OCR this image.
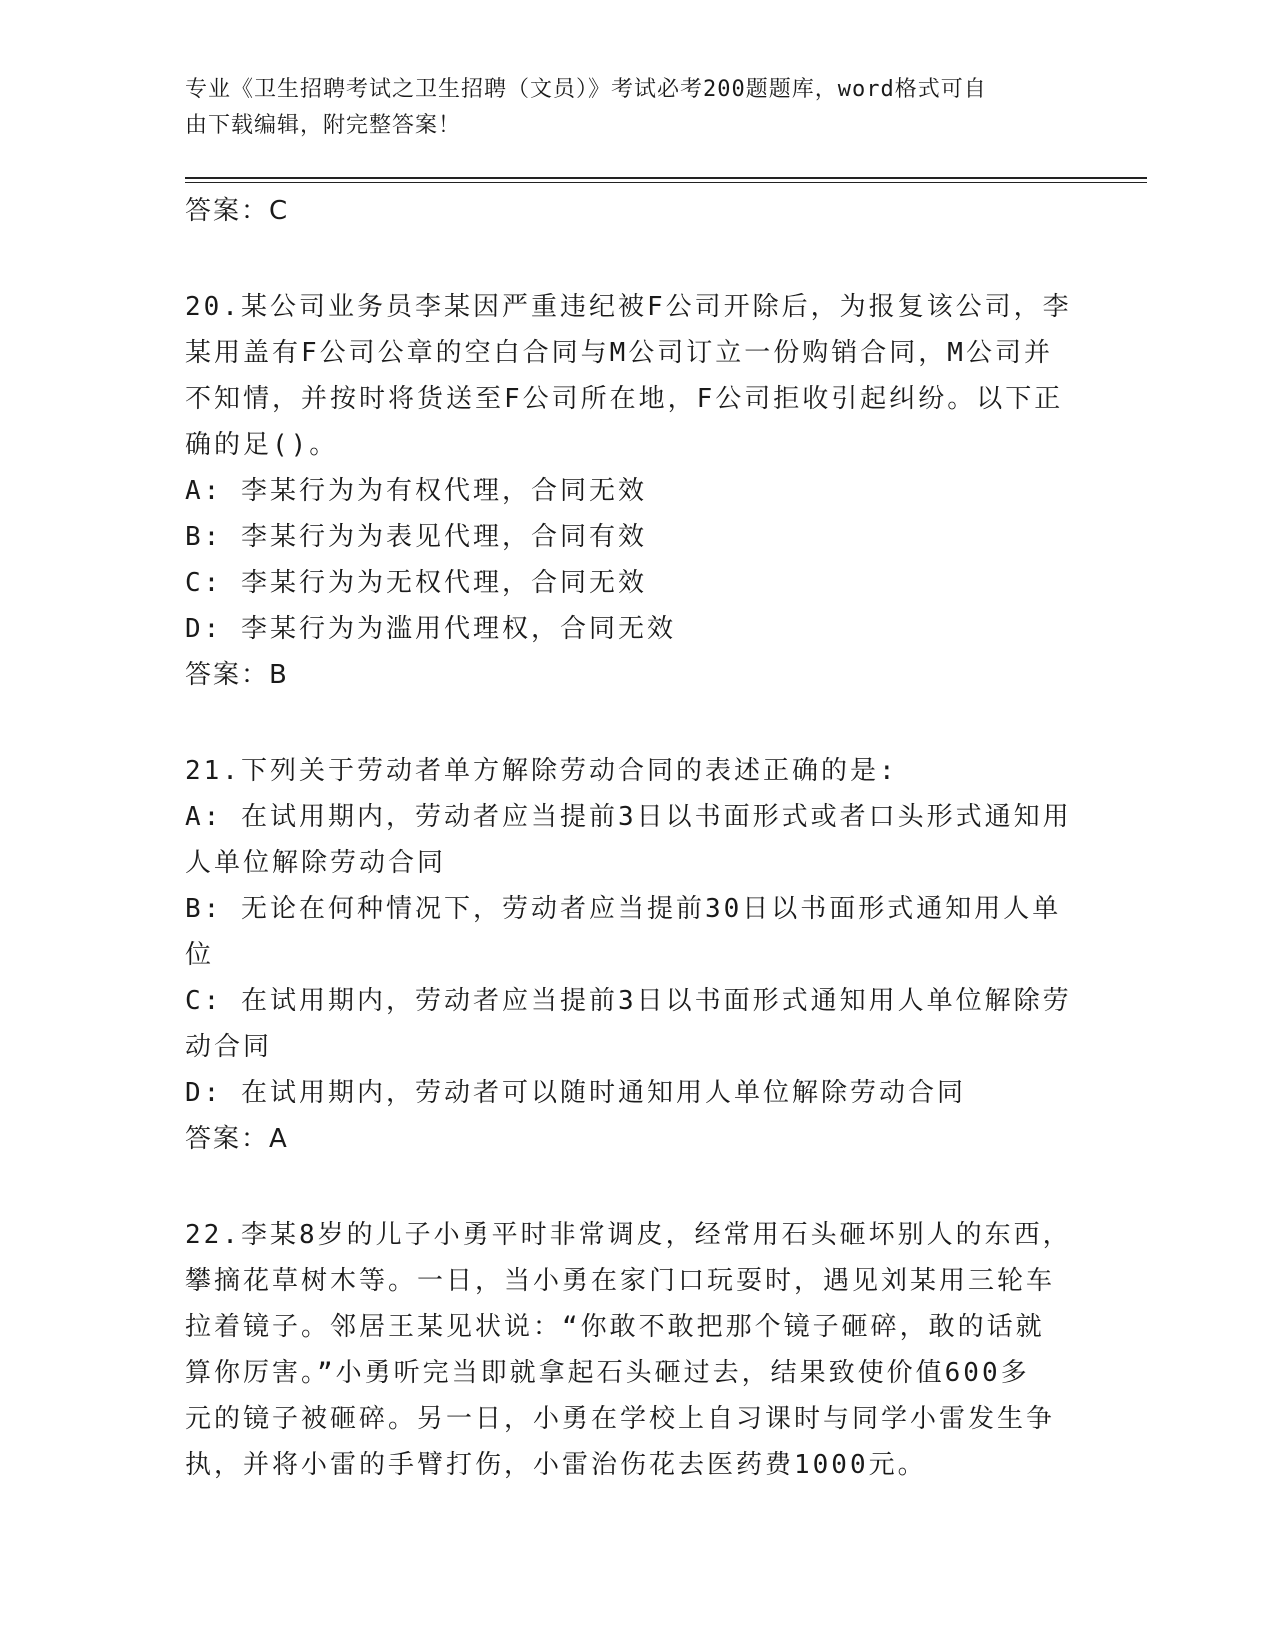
专业《卫生招聘考试之卫生招聘（文员）》考试必考200题题库，word格式可自
由下载编辑，附完整答案！
答案：C
20.某公司业务员李某因严重违纪被F公司开除后，为报复该公司，李
某用盖有F公司公章的空白合同与M公司订立一份购销合同，M公司并
不知情，并按时将货送至F公司所在地，F公司拒收引起纠纷。以下正
确的足()。
A: 李某行为为有权代理，合同无效
B: 李某行为为表见代理，合同有效
C: 李某行为为无权代理，合同无效
D: 李某行为为滥用代理权，合同无效
答案：B
21.下列关于劳动者单方解除劳动合同的表述正确的是:
A: 在试用期内，劳动者应当提前3日以书面形式或者口头形式通知用
人单位解除劳动合同
B: 无论在何种情况下，劳动者应当提前30日以书面形式通知用人单
位
C: 在试用期内，劳动者应当提前3日以书面形式通知用人单位解除劳
动合同
D: 在试用期内，劳动者可以随时通知用人单位解除劳动合同
答案：A
22.李某8岁的儿子小勇平时非常调皮，经常用石头砸坏别人的东西，
攀摘花草树木等。一日，当小勇在家门口玩耍时，遇见刘某用三轮车
拉着镜子。邻居王某见状说：“你敢不敢把那个镜子砸碎，敢的话就
算你厉害。”小勇听完当即就拿起石头砸过去，结果致使价值600多
元的镜子被砸碎。另一日，小勇在学校上自习课时与同学小雷发生争
执，并将小雷的手臂打伤，小雷治伤花去医药费1000元。
